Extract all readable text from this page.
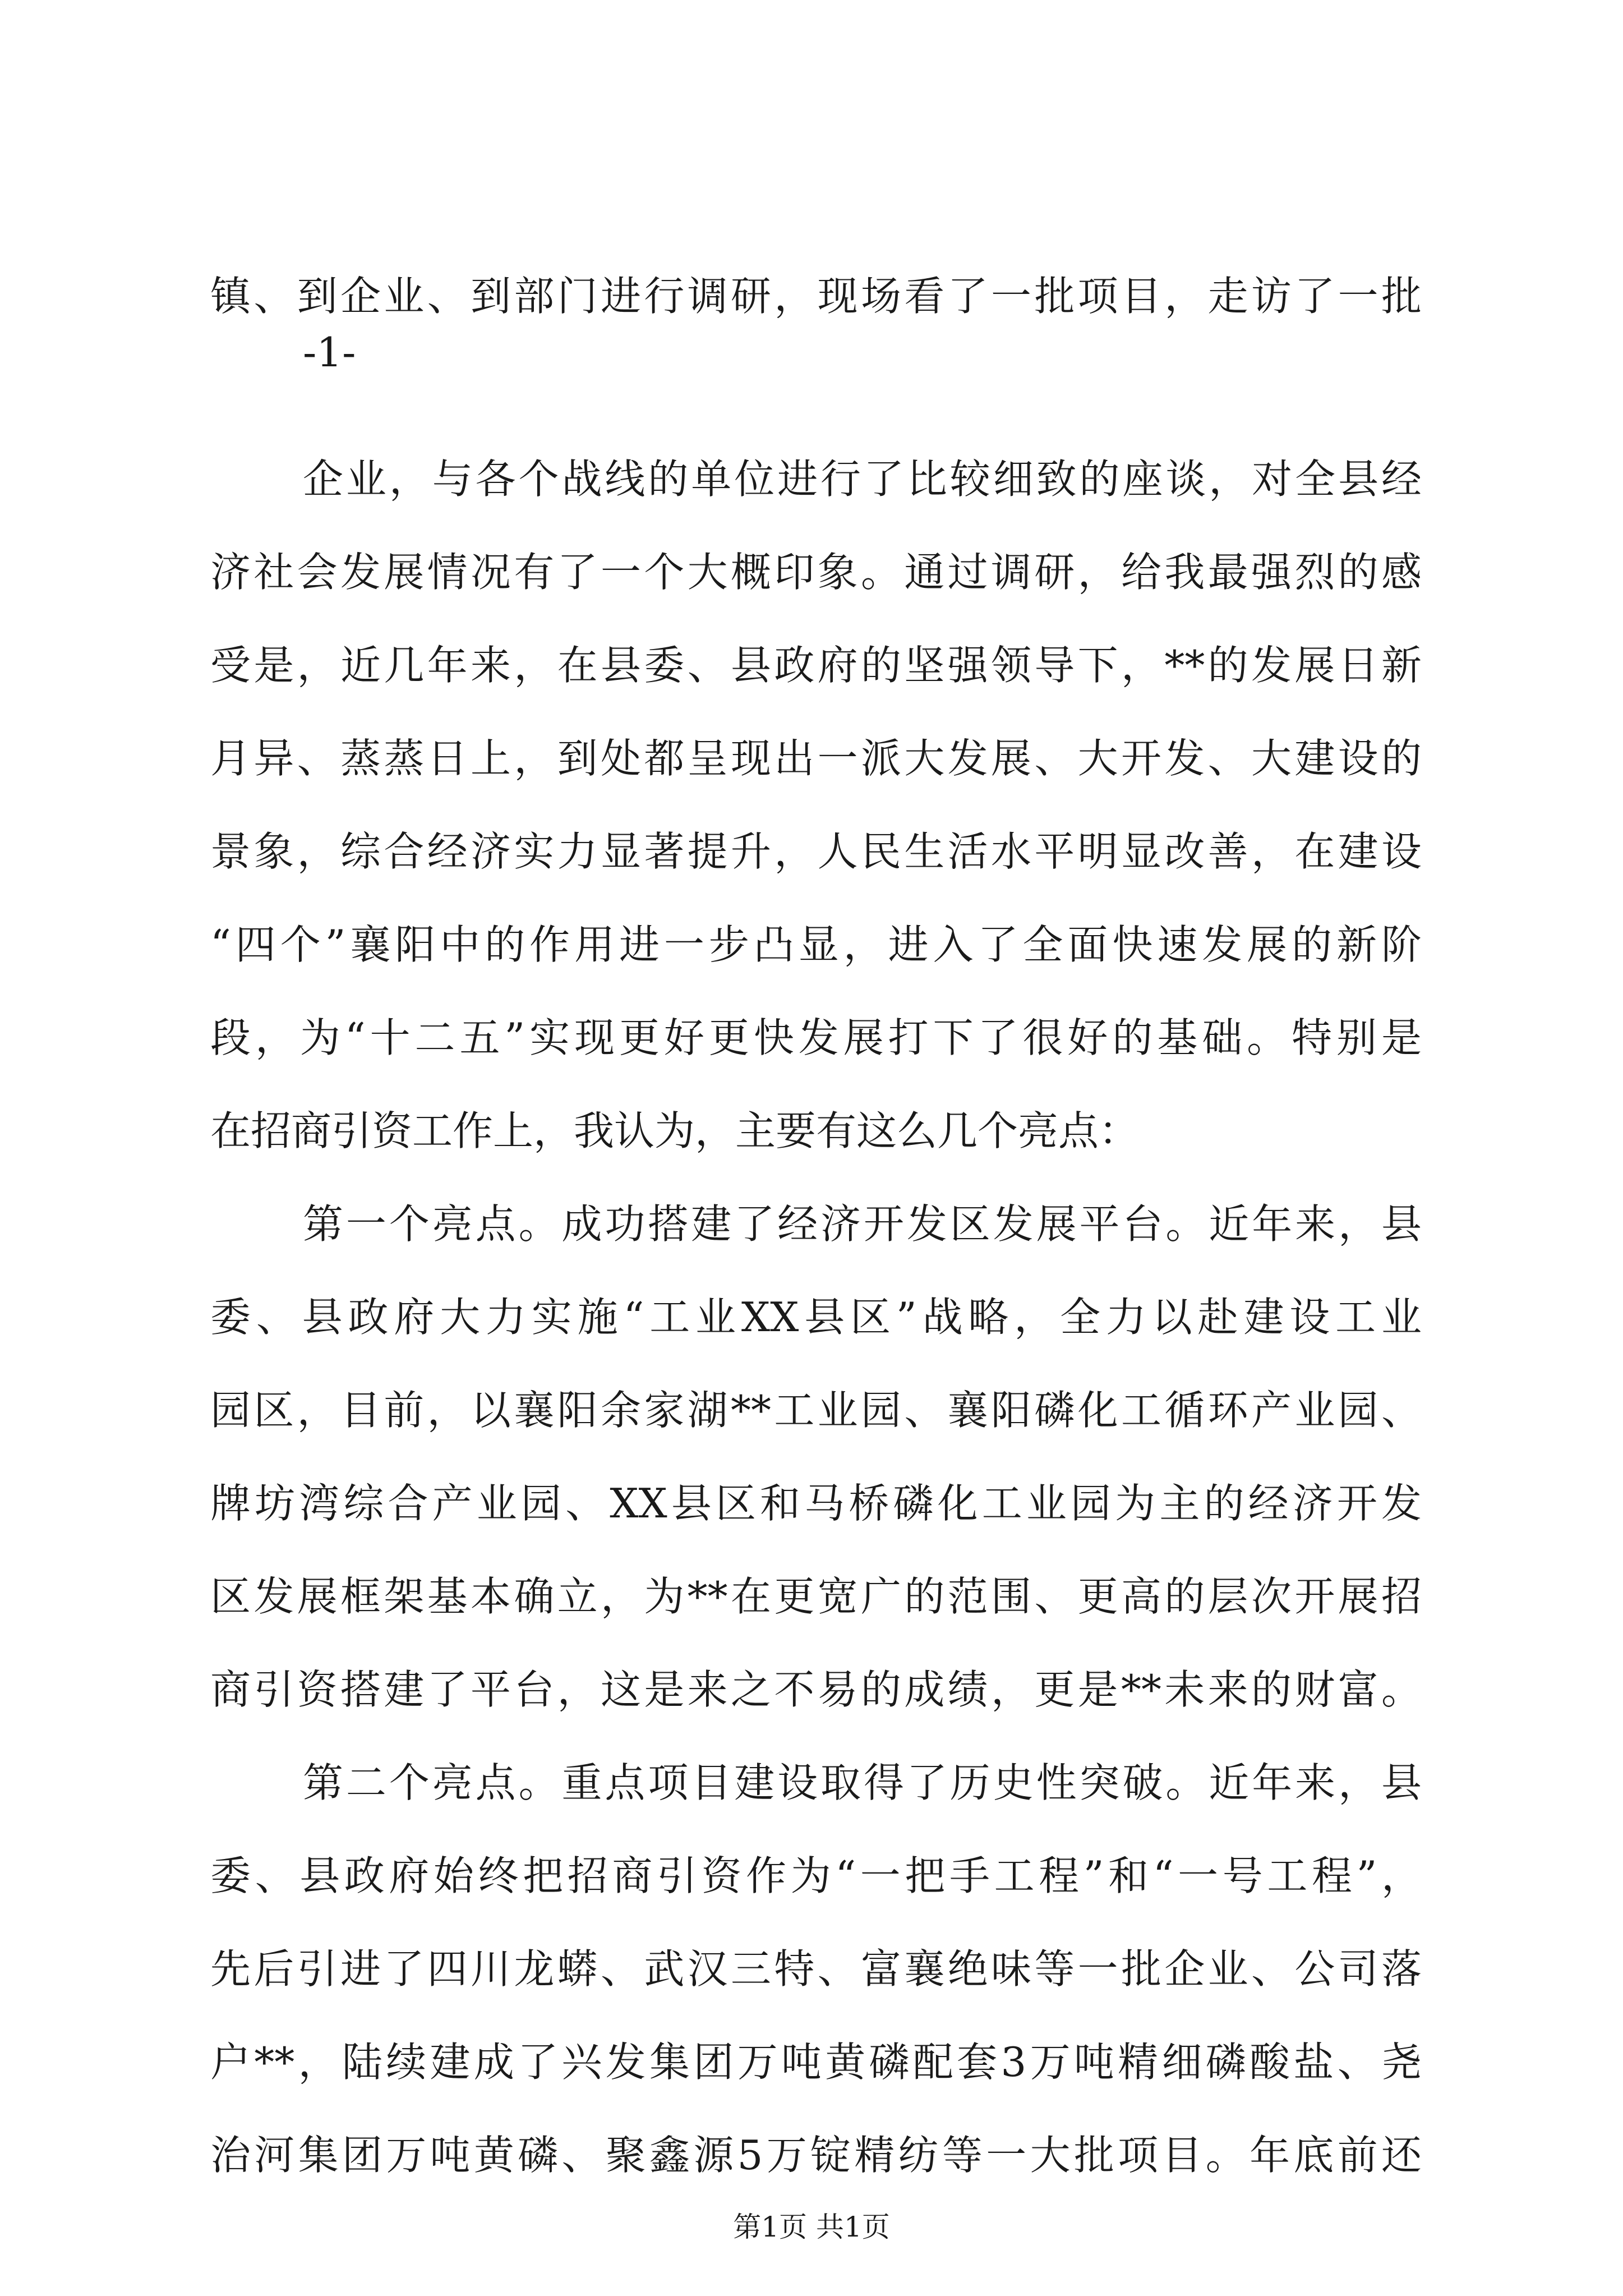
镇、到企业、到部门进行调研，现场看了一批项目，走访了一批
-1-
企业，与各个战线的单位进行了比较细致的座谈，对全县经
济社会发展情况有了一个大概印象。通过调研，给我最强烈的感
受是，近几年来，在县委、县政府的坚强领导下，**的发展日新
月异、蒸蒸日上，到处都呈现出一派大发展、大开发、大建设的
景象，综合经济实力显著提升，人民生活水平明显改善，在建设
“四个”襄阳中的作用进一步凸显，进入了全面快速发展的新阶
段，为“十二五”实现更好更快发展打下了很好的基础。特别是
在招商引资工作上，我认为，主要有这么几个亮点：
第一个亮点。成功搭建了经济开发区发展平台。近年来，县
委、县政府大力实施“工业XX县区”战略，全力以赴建设工业
园区，目前，以襄阳余家湖**工业园、襄阳磷化工循环产业园、
牌坊湾综合产业园、XX县区和马桥磷化工业园为主的经济开发
区发展框架基本确立，为**在更宽广的范围、更高的层次开展招
商引资搭建了平台，这是来之不易的成绩，更是**未来的财富。
第二个亮点。重点项目建设取得了历史性突破。近年来，县
委、县政府始终把招商引资作为“一把手工程”和“一号工程”，
先后引进了四川龙蟒、武汉三特、富襄绝味等一批企业、公司落
户**，陆续建成了兴发集团万吨黄磷配套3万吨精细磷酸盐、尧
治河集团万吨黄磷、聚鑫源5万锭精纺等一大批项目。年底前还
第1页 共1页
